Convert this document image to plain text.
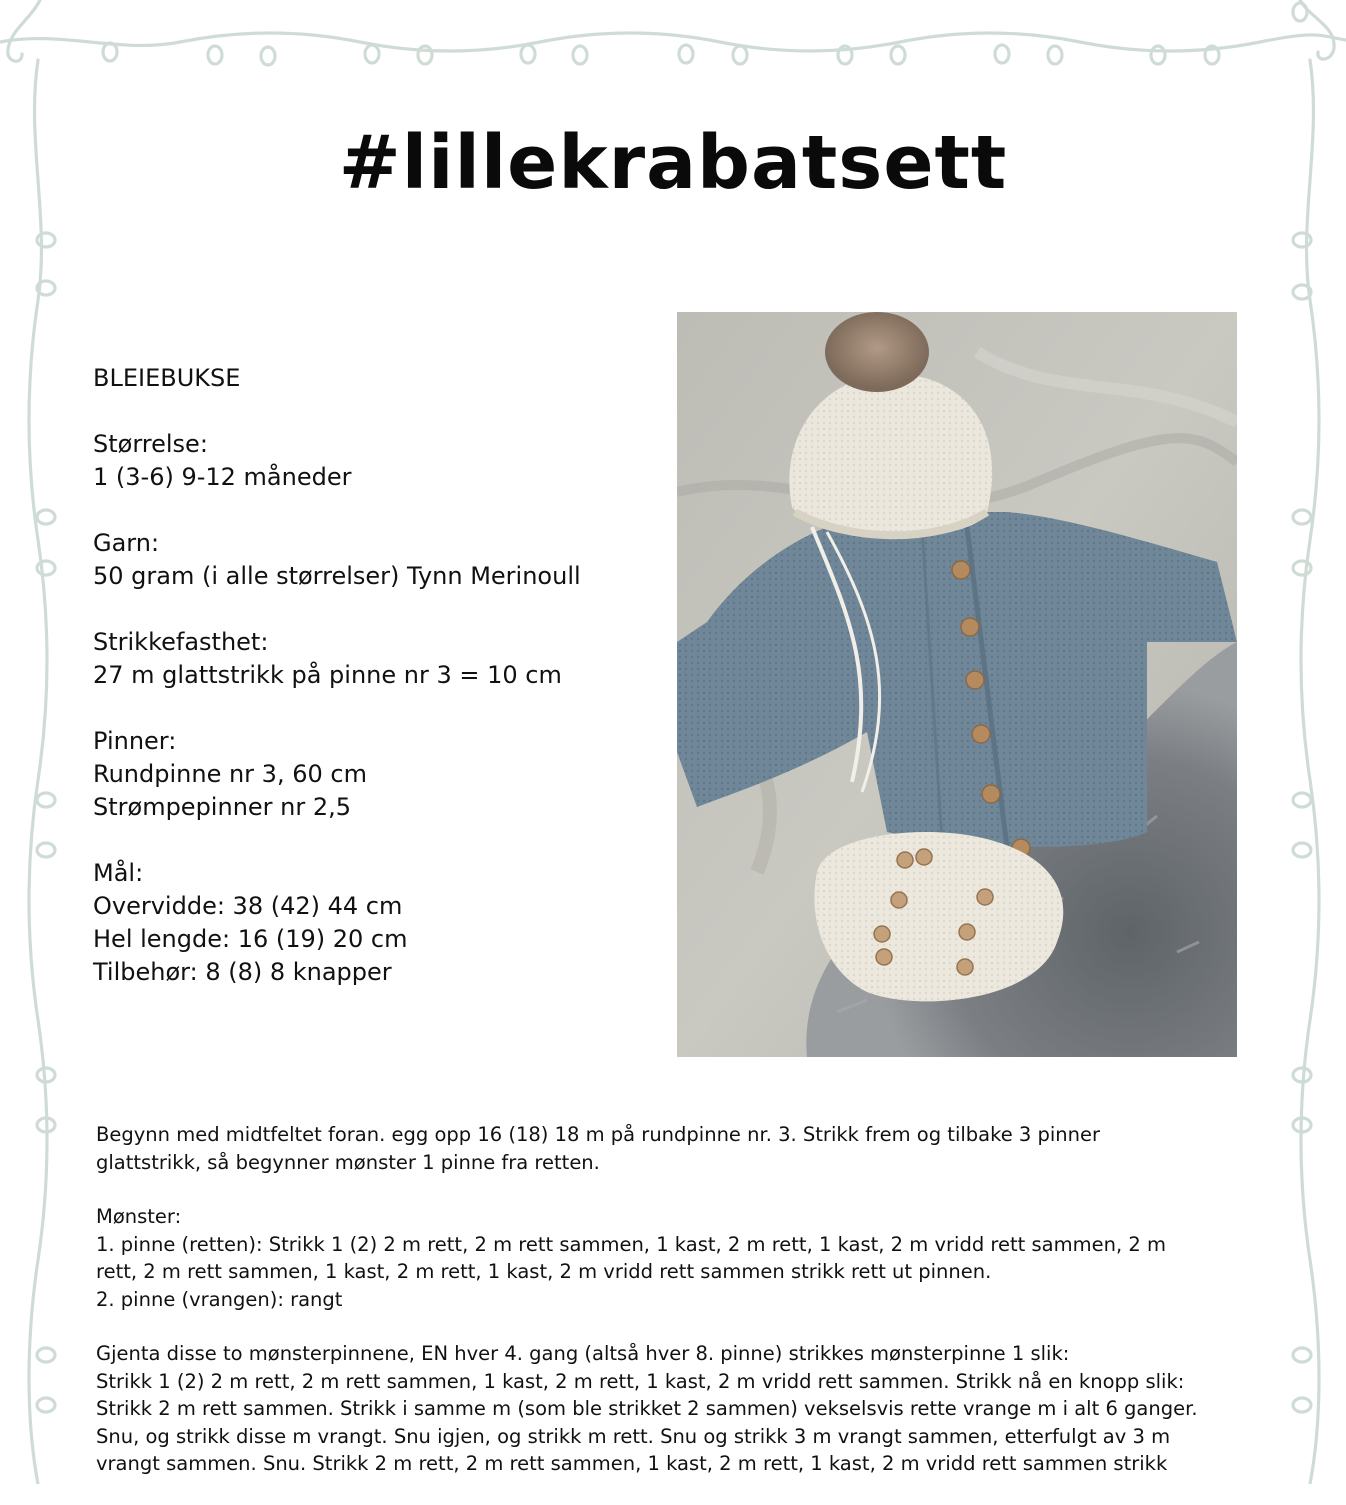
#lillekrabatsett
BLEIEBUKSE
Størrelse:
1 (3-6) 9-12 måneder
Garn:
50 gram (i alle størrelser) Tynn Merinoull
Strikkefasthet:
27 m glattstrikk på pinne nr 3 = 10 cm
Pinner:
Rundpinne nr 3, 60 cm
Strømpepinner nr 2,5
Mål:
Overvidde: 38 (42) 44 cm
Hel lengde: 16 (19) 20 cm
Tilbehør: 8 (8) 8 knapper
Begynn med midtfeltet foran. egg opp 16 (18) 18 m på rundpinne nr. 3. Strikk frem og tilbake 3 pinner
glattstrikk, så begynner mønster 1 pinne fra retten.
Mønster:
1. pinne (retten): Strikk 1 (2) 2 m rett, 2 m rett sammen, 1 kast, 2 m rett, 1 kast, 2 m vridd rett sammen, 2 m
rett, 2 m rett sammen, 1 kast, 2 m rett, 1 kast, 2 m vridd rett sammen strikk rett ut pinnen.
2. pinne (vrangen): rangt
Gjenta disse to mønsterpinnene, EN hver 4. gang (altså hver 8. pinne) strikkes mønsterpinne 1 slik:
Strikk 1 (2) 2 m rett, 2 m rett sammen, 1 kast, 2 m rett, 1 kast, 2 m vridd rett sammen. Strikk nå en knopp slik:
Strikk 2 m rett sammen. Strikk i samme m (som ble strikket 2 sammen) vekselsvis rette vrange m i alt 6 ganger.
Snu, og strikk disse m vrangt. Snu igjen, og strikk m rett. Snu og strikk 3 m vrangt sammen, etterfulgt av 3 m
vrangt sammen. Snu. Strikk 2 m rett, 2 m rett sammen, 1 kast, 2 m rett, 1 kast, 2 m vridd rett sammen strikk
